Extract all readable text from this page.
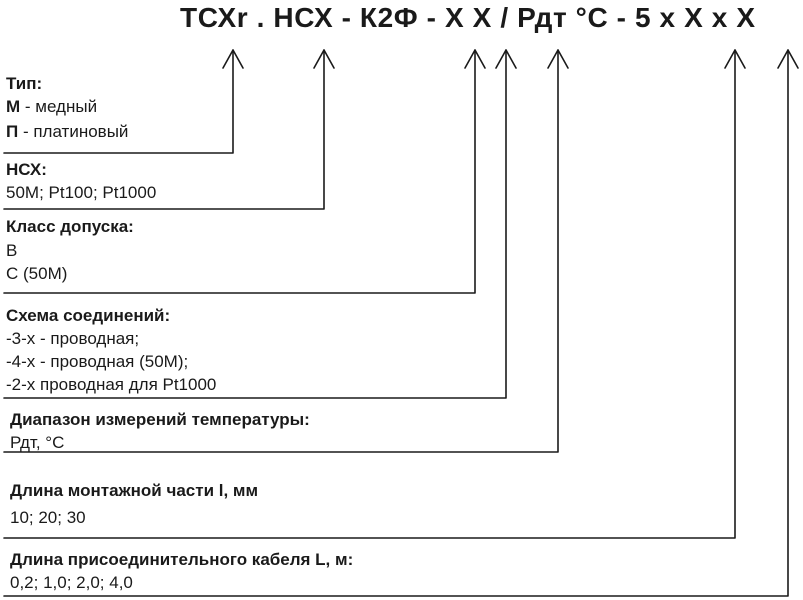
ТСХr . НСХ - К2Ф - Х Х / Рдт °С - 5 х Х х Х
Тип:
М - медный
П - платиновый
НСХ:
50М; Pt100; Pt1000
Класс допуска:
В
С (50М)
Схема соединений:
-3-х - проводная;
-4-х - проводная (50М);
-2-х проводная для Pt1000
Диапазон измерений температуры:
Рдт, °С
Длина монтажной части l, мм
10; 20; 30
Длина присоединительного кабеля L, м:
0,2; 1,0; 2,0; 4,0
